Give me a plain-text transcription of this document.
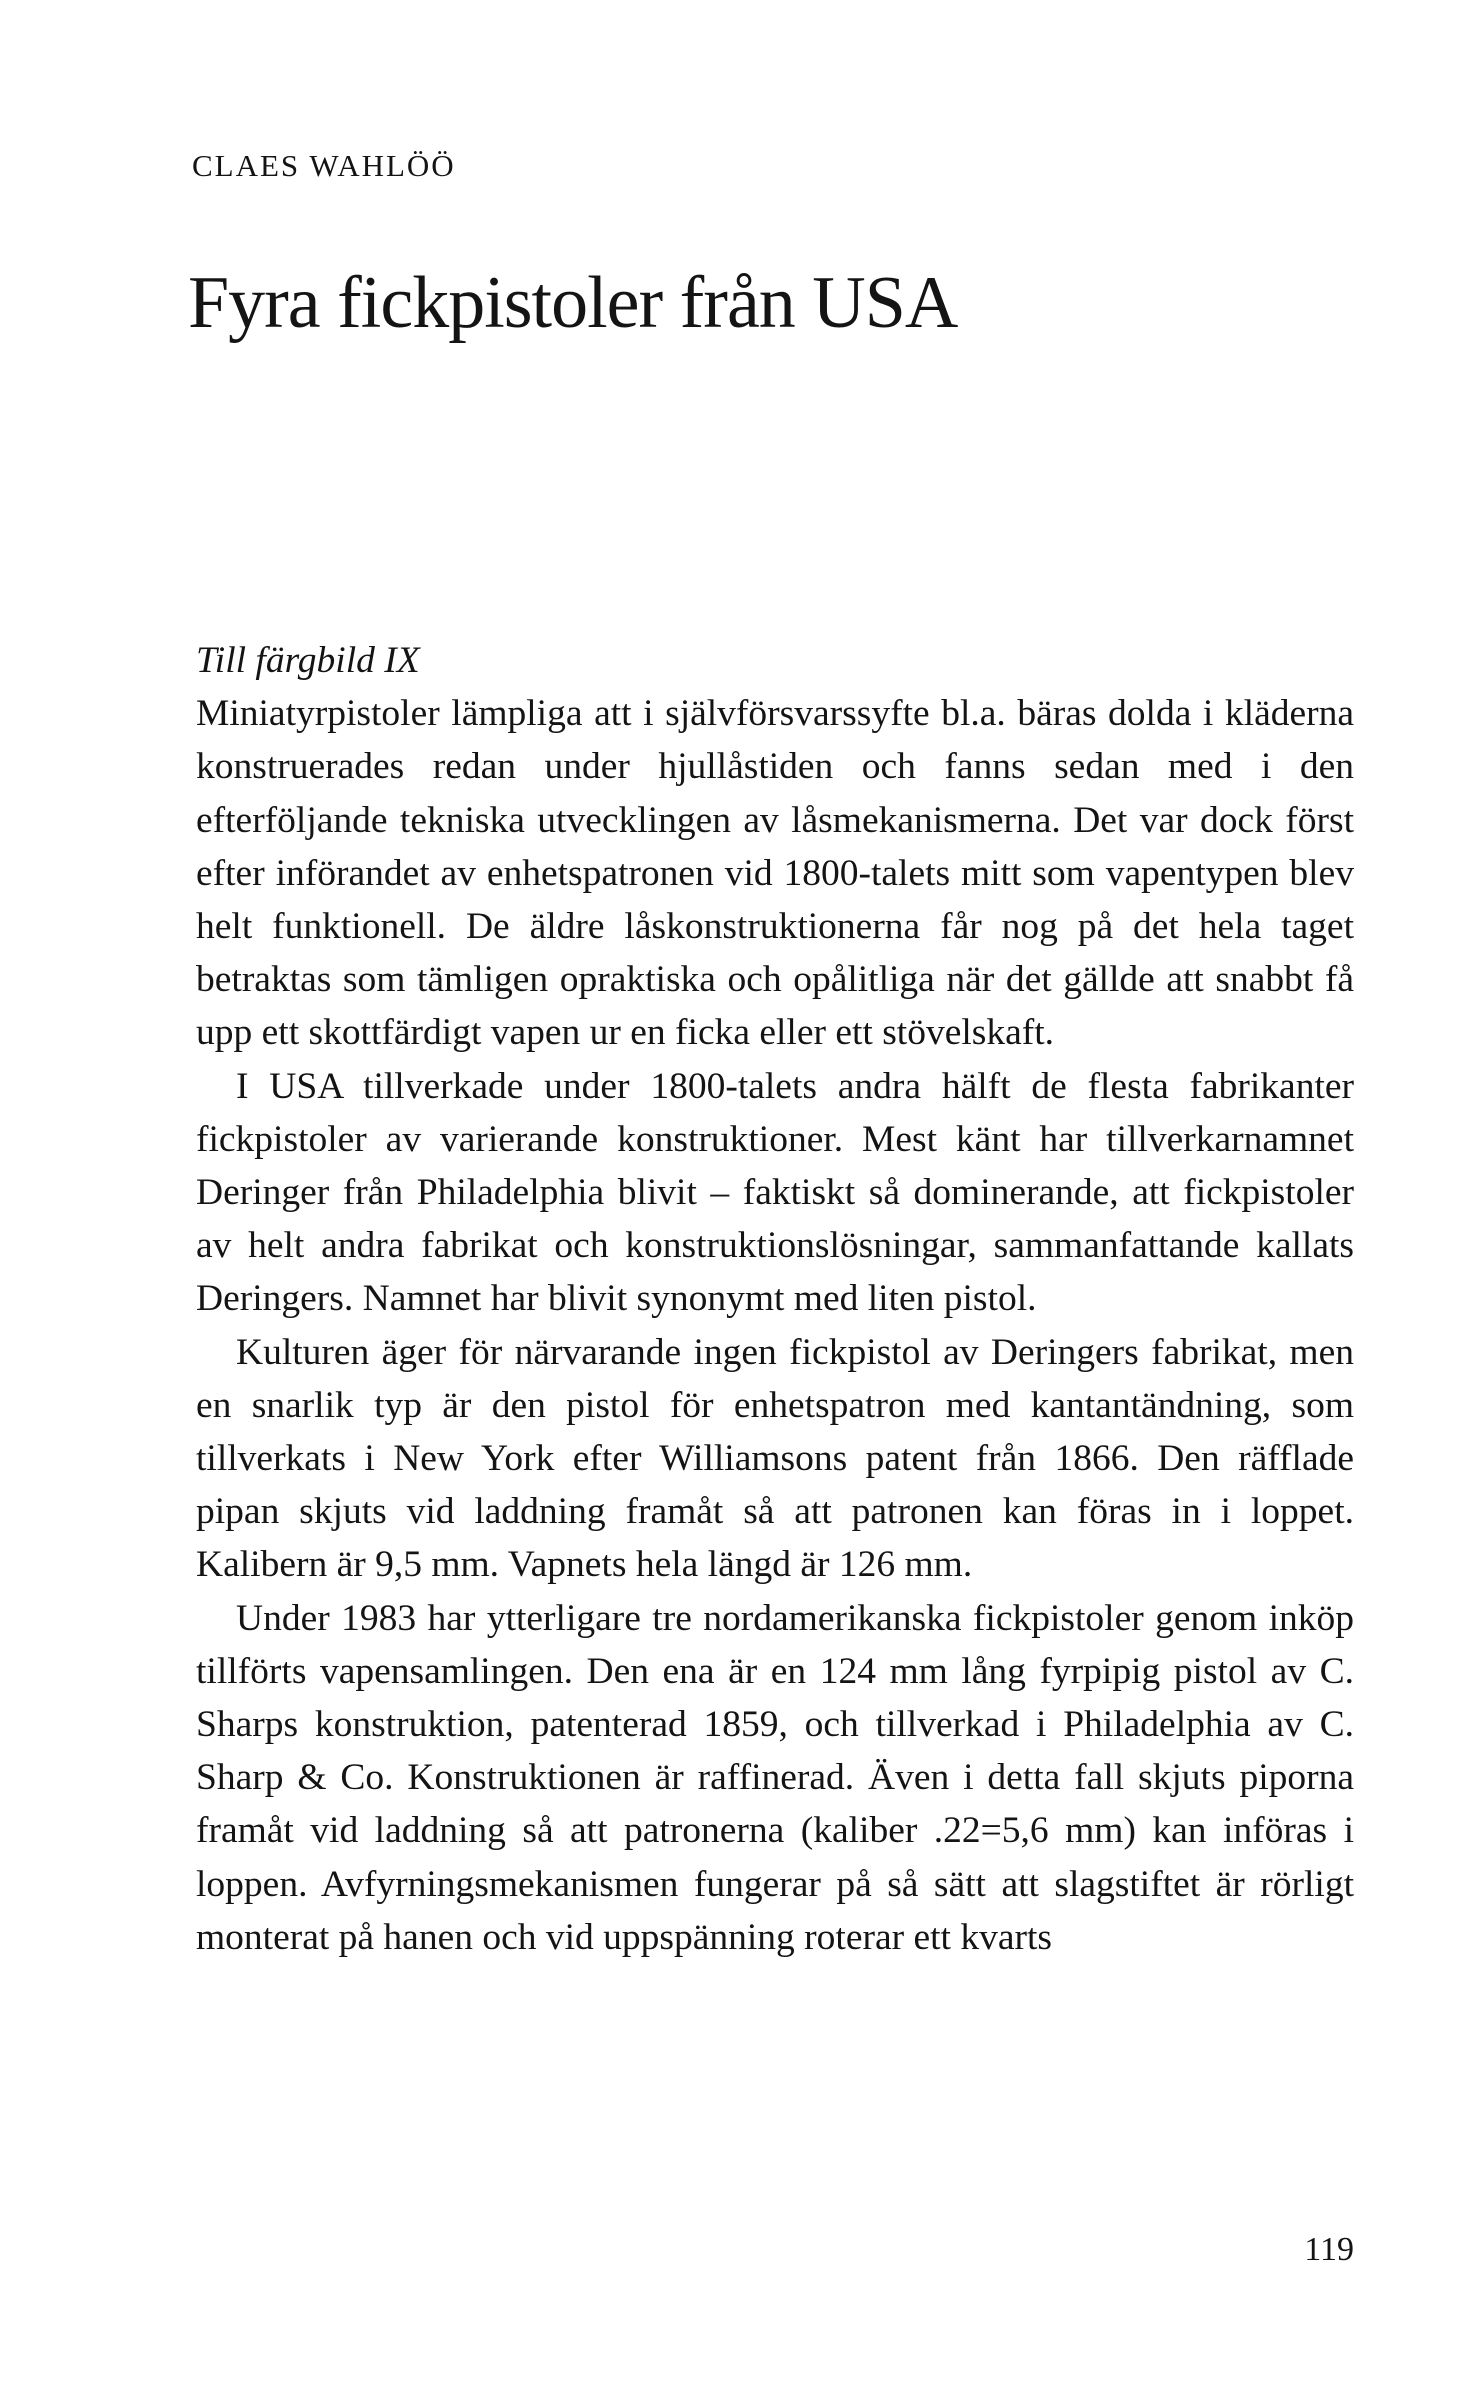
CLAES WAHLÖÖ
Fyra fickpistoler från USA

Till färgbild IX

Miniatyrpistoler lämpliga att i självförsvarssyfte bl.a. bäras dolda i kläderna konstruerades redan under hjullåstiden och fanns sedan med i den efterföljande tekniska utvecklingen av låsmekanismerna. Det var dock först efter införandet av enhetspatronen vid 1800-talets mitt som vapentypen blev helt funktionell. De äldre låskonstruktionerna får nog på det hela taget betraktas som tämligen opraktiska och opålitliga när det gällde att snabbt få upp ett skottfärdigt vapen ur en ficka eller ett stövelskaft.

I USA tillverkade under 1800-talets andra hälft de flesta fabrikanter fickpistoler av varierande konstruktioner. Mest känt har tillverkarnamnet Deringer från Philadelphia blivit – faktiskt så dominerande, att fickpistoler av helt andra fabrikat och konstruktionslösningar, sammanfattande kallats Deringers. Namnet har blivit synonymt med liten pistol.

Kulturen äger för närvarande ingen fickpistol av Deringers fabrikat, men en snarlik typ är den pistol för enhetspatron med kantantändning, som tillverkats i New York efter Williamsons patent från 1866. Den räfflade pipan skjuts vid laddning framåt så att patronen kan föras in i loppet. Kalibern är 9,5 mm. Vapnets hela längd är 126 mm.

Under 1983 har ytterligare tre nordamerikanska fickpistoler genom inköp tillförts vapensamlingen. Den ena är en 124 mm lång fyrpipig pistol av C. Sharps konstruktion, patenterad 1859, och tillverkad i Philadelphia av C. Sharp & Co. Konstruktionen är raffinerad. Även i detta fall skjuts piporna framåt vid laddning så att patronerna (kaliber .22=5,6 mm) kan införas i loppen. Avfyrningsmekanismen fungerar på så sätt att slagstiftet är rörligt monterat på hanen och vid uppspänning roterar ett kvarts

119
